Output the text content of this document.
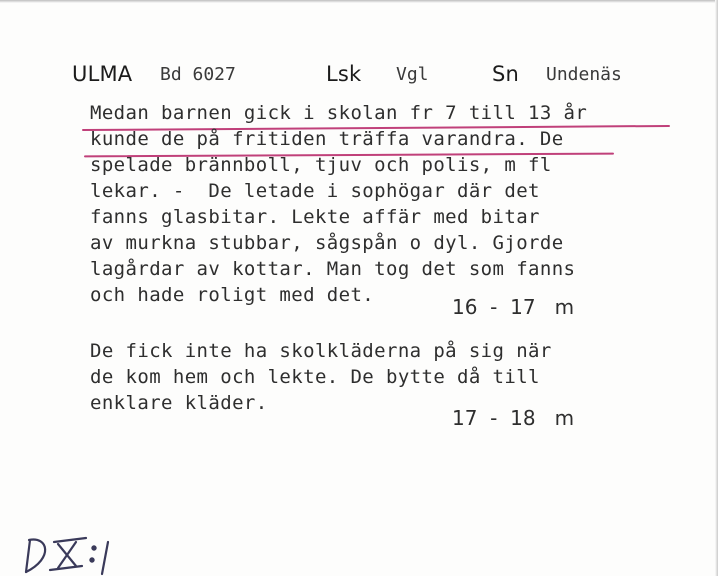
ULMA Bd 6027	Lsk Vgl	Sn Undenäs
Medan barnen gick i skolan fr 7 till 13 år
kunde de på fritiden träffa varandra. De
spelade brännboll, tjuv och polis, m fl
lekar. -  De letade i sophögar där det
fanns glasbitar. Lekte affär med bitar
av murkna stubbar, sågspån o dyl. Gjorde
lagårdar av kottar. Man tog det som fanns
och hade roligt med det.	16  -  17   m
De fick inte ha skolkläderna på sig när
de kom hem och lekte. De bytte då till
enklare kläder.
17  -  18   m
